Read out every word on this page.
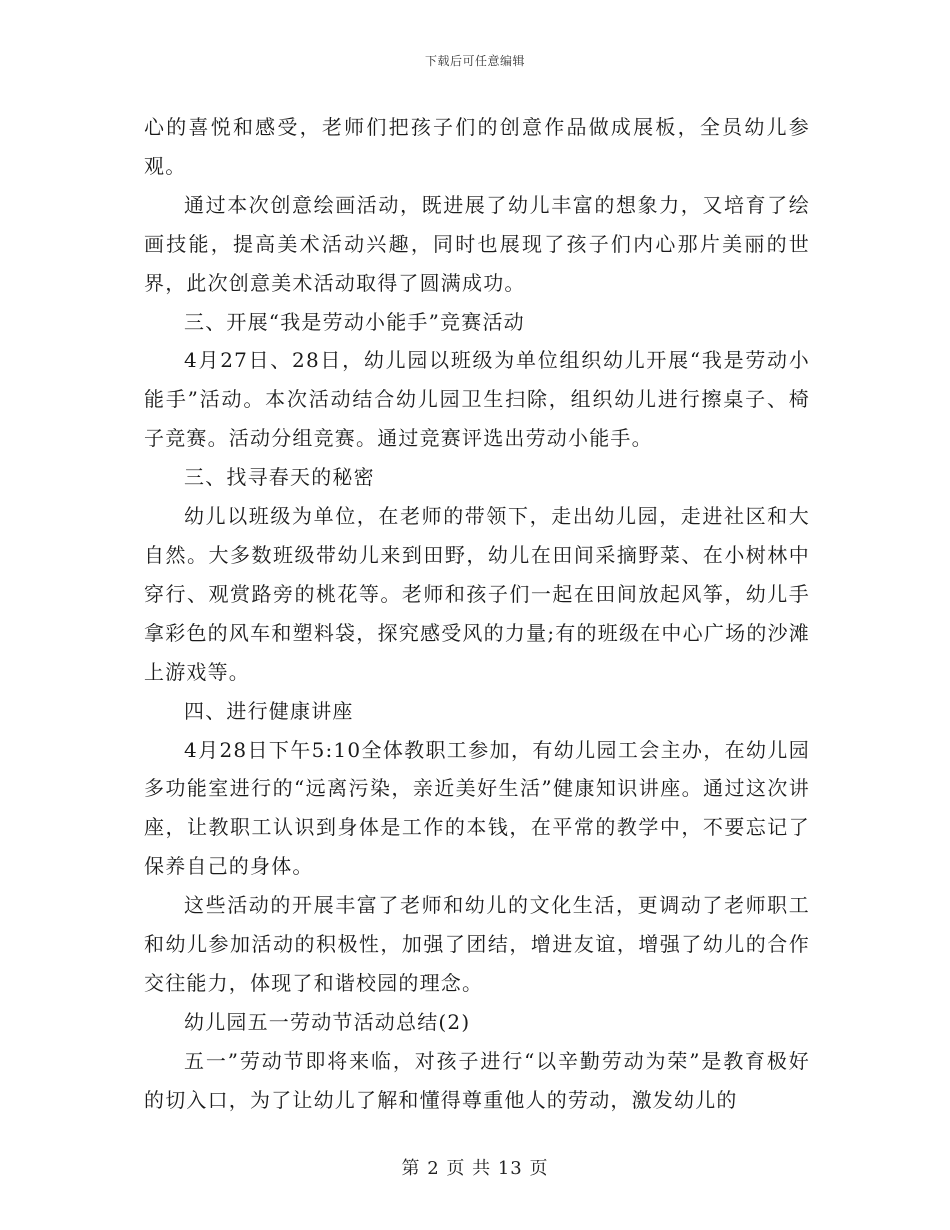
下载后可任意编辑

心的喜悦和感受，老师们把孩子们的创意作品做成展板，全员幼儿参观。

通过本次创意绘画活动，既进展了幼儿丰富的想象力，又培育了绘画技能，提高美术活动兴趣，同时也展现了孩子们内心那片美丽的世界，此次创意美术活动取得了圆满成功。

三、开展“我是劳动小能手”竞赛活动

4月27日、28日，幼儿园以班级为单位组织幼儿开展“我是劳动小能手”活动。本次活动结合幼儿园卫生扫除，组织幼儿进行擦桌子、椅子竞赛。活动分组竞赛。通过竞赛评选出劳动小能手。

三、找寻春天的秘密

幼儿以班级为单位，在老师的带领下，走出幼儿园，走进社区和大自然。大多数班级带幼儿来到田野，幼儿在田间采摘野菜、在小树林中穿行、观赏路旁的桃花等。老师和孩子们一起在田间放起风筝，幼儿手拿彩色的风车和塑料袋，探究感受风的力量;有的班级在中心广场的沙滩上游戏等。

四、进行健康讲座

4月28日下午5:10全体教职工参加，有幼儿园工会主办，在幼儿园多功能室进行的“远离污染，亲近美好生活”健康知识讲座。通过这次讲座，让教职工认识到身体是工作的本钱，在平常的教学中，不要忘记了保养自己的身体。

这些活动的开展丰富了老师和幼儿的文化生活，更调动了老师职工和幼儿参加活动的积极性，加强了团结，增进友谊，增强了幼儿的合作交往能力，体现了和谐校园的理念。

幼儿园五一劳动节活动总结(2)

五一”劳动节即将来临，对孩子进行“以辛勤劳动为荣”是教育极好的切入口，为了让幼儿了解和懂得尊重他人的劳动，激发幼儿的

第 2 页 共 13 页
